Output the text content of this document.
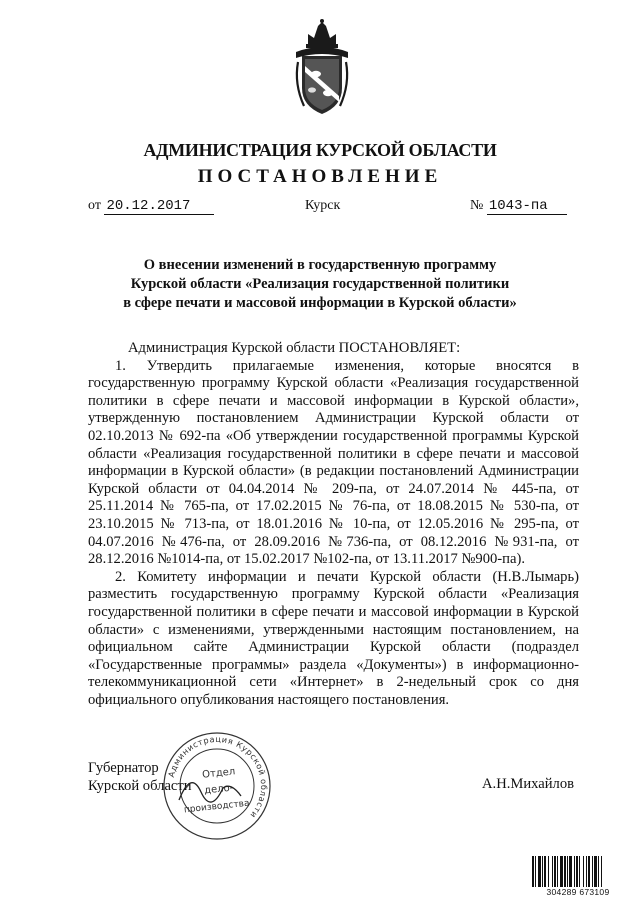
АДМИНИСТРАЦИЯ КУРСКОЙ ОБЛАСТИ
ПОСТАНОВЛЕНИЕ
от 20.12.2017	Курск	№ 1043-па
О внесении изменений в государственную программу
Курской области «Реализация государственной политики
в сфере печати и массовой информации в Курской области»

Администрация Курской области ПОСТАНОВЛЯЕТ:

1. Утвердить прилагаемые изменения, которые вносятся в государственную программу Курской области «Реализация государственной политики в сфере печати и массовой информации в Курской области», утвержденную постановлением Администрации Курской области от 02.10.2013 № 692-па «Об утверждении государственной программы Курской области «Реализация государственной политики в сфере печати и массовой информации в Курской области» (в редакции постановлений Администрации Курской области от 04.04.2014 № 209-па, от 24.07.2014 № 445-па, от 25.11.2014 № 765-па, от 17.02.2015 № 76-па, от 18.08.2015 № 530-па, от 23.10.2015 № 713-па, от 18.01.2016 № 10-па, от 12.05.2016 № 295-па, от 04.07.2016 №476-па, от 28.09.2016 №736-па, от 08.12.2016 №931-па, от 28.12.2016 №1014-па, от 15.02.2017 №102-па, от 13.11.2017 №900-па).

2. Комитету информации и печати Курской области (Н.В.Лымарь) разместить государственную программу Курской области «Реализация государственной политики в сфере печати и массовой информации в Курской области» с изменениями, утвержденными настоящим постановлением, на официальном сайте Администрации Курской области (подраздел «Государственные программы» раздела «Документы») в информационно-телекоммуникационной сети «Интернет» в 2-недельный срок со дня официального опубликования настоящего постановления.

Губернатор
Курской области	А.Н.Михайлов
Администрация Курской области
Отдел
дело-
производства
304289 673109
